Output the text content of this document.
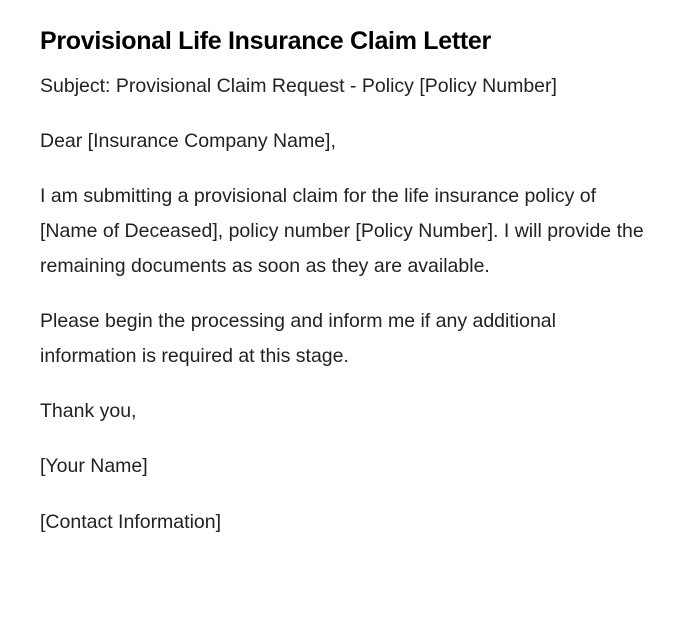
Provisional Life Insurance Claim Letter

Subject: Provisional Claim Request - Policy [Policy Number]

Dear [Insurance Company Name],

I am submitting a provisional claim for the life insurance policy of [Name of Deceased], policy number [Policy Number]. I will provide the remaining documents as soon as they are available.

Please begin the processing and inform me if any additional information is required at this stage.

Thank you,

[Your Name]

[Contact Information]
